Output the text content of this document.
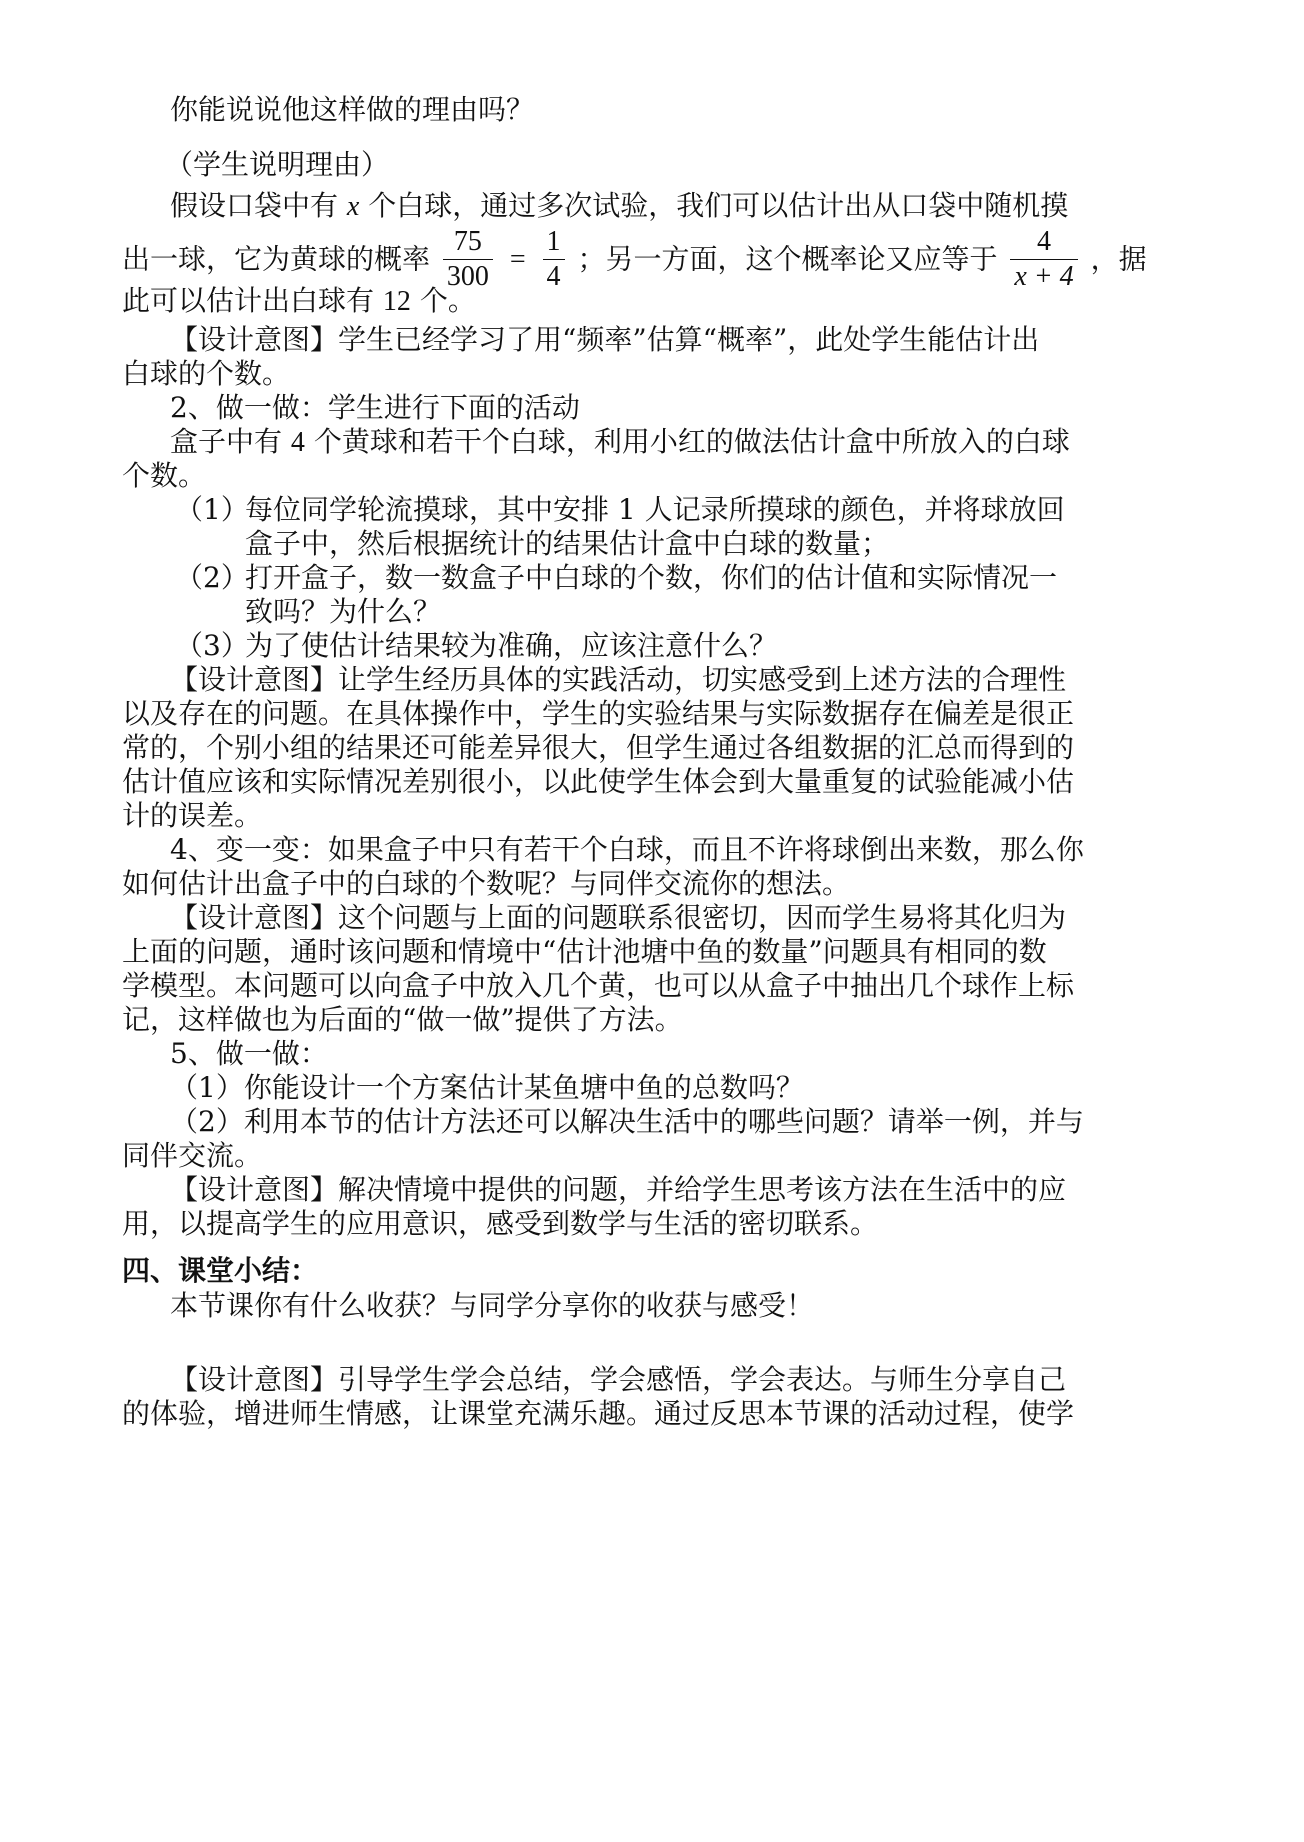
你能说说他这样做的理由吗？
（学生说明理由）
假设口袋中有 x 个白球，通过多次试验，我们可以估计出从口袋中随机摸
出一球，它为黄球的概率 $\frac{75}{300} = \frac{1}{4}$ ；另一方面，这个概率论又应等于 $\frac{4}{x + 4}$ ，据
此可以估计出白球有 12 个。
【设计意图】学生已经学习了用“频率”估算“概率”，此处学生能估计出
白球的个数。
2、做一做：学生进行下面的活动
盒子中有 4 个黄球和若干个白球，利用小红的做法估计盒中所放入的白球
个数。
（1）
每位同学轮流摸球，其中安排 1 人记录所摸球的颜色，并将球放回
盒子中，然后根据统计的结果估计盒中白球的数量；
（2）
打开盒子，数一数盒子中白球的个数，你们的估计值和实际情况一
致吗？为什么？
（3）
为了使估计结果较为准确，应该注意什么？
【设计意图】让学生经历具体的实践活动，切实感受到上述方法的合理性
以及存在的问题。在具体操作中，学生的实验结果与实际数据存在偏差是很正
常的，个别小组的结果还可能差异很大，但学生通过各组数据的汇总而得到的
估计值应该和实际情况差别很小，以此使学生体会到大量重复的试验能减小估
计的误差。
4、变一变：如果盒子中只有若干个白球，而且不许将球倒出来数，那么你
如何估计出盒子中的白球的个数呢？与同伴交流你的想法。
【设计意图】这个问题与上面的问题联系很密切，因而学生易将其化归为
上面的问题，通时该问题和情境中“估计池塘中鱼的数量”问题具有相同的数
学模型。本问题可以向盒子中放入几个黄，也可以从盒子中抽出几个球作上标
记，这样做也为后面的“做一做”提供了方法。
5、做一做：
（1）你能设计一个方案估计某鱼塘中鱼的总数吗？
（2）利用本节的估计方法还可以解决生活中的哪些问题？请举一例，并与
同伴交流。
【设计意图】解决情境中提供的问题，并给学生思考该方法在生活中的应
用，以提高学生的应用意识，感受到数学与生活的密切联系。
四、课堂小结：
本节课你有什么收获？与同学分享你的收获与感受！
【设计意图】引导学生学会总结，学会感悟，学会表达。与师生分享自己
的体验，增进师生情感，让课堂充满乐趣。通过反思本节课的活动过程，使学
